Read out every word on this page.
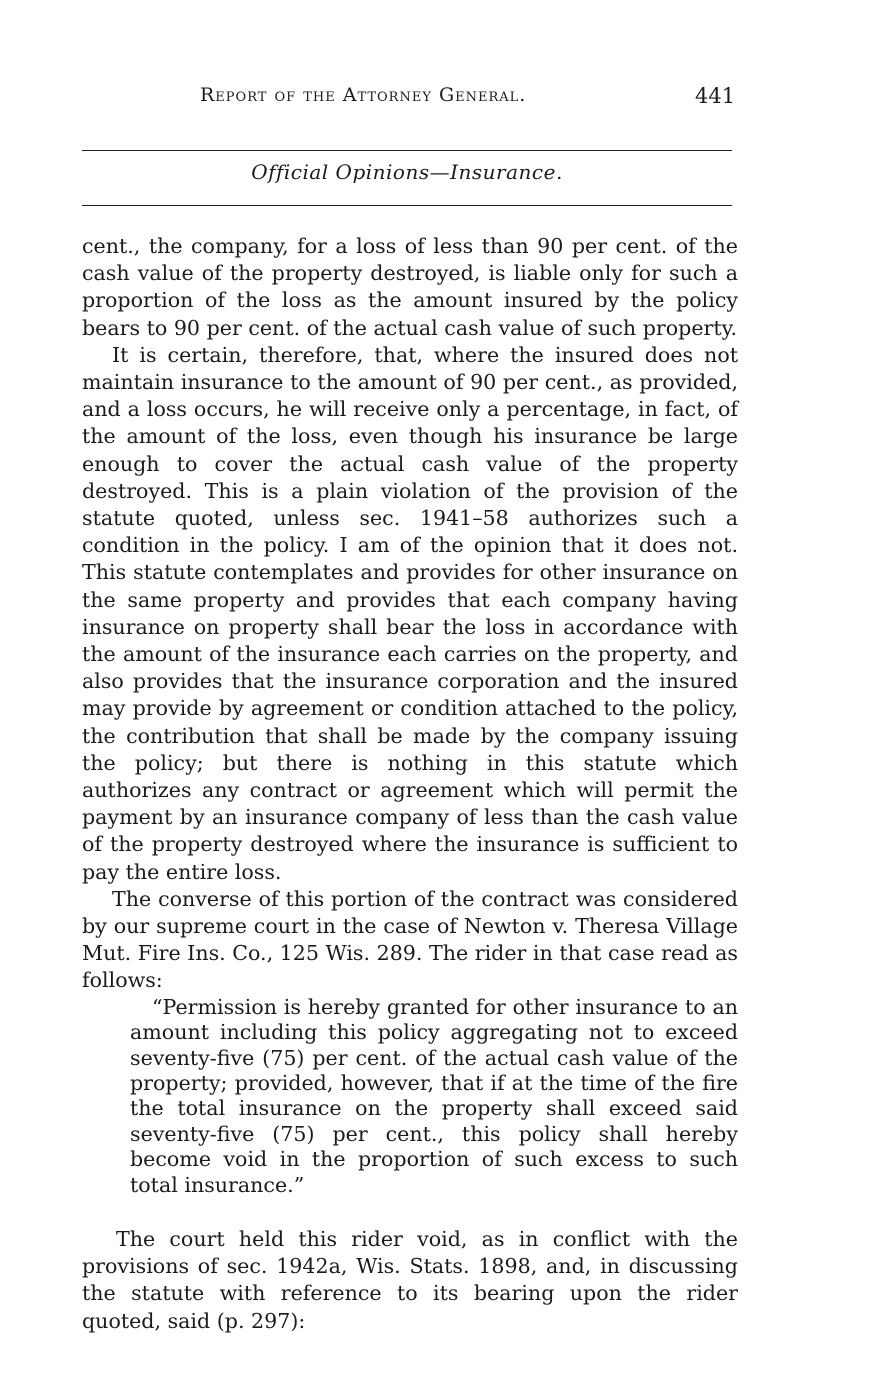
Report of the Attorney General.	441
Official Opinions—Insurance.

cent., the company, for a loss of less than 90 per cent. of the cash value of the property destroyed, is liable only for such a proportion of the loss as the amount insured by the policy bears to 90 per cent. of the actual cash value of such property.

It is certain, therefore, that, where the insured does not maintain insurance to the amount of 90 per cent., as provided, and a loss occurs, he will receive only a percentage, in fact, of the amount of the loss, even though his insurance be large enough to cover the actual cash value of the property destroyed. This is a plain violation of the provision of the statute quoted, unless sec. 1941–58 authorizes such a condition in the policy. I am of the opinion that it does not. This statute contemplates and provides for other insurance on the same property and provides that each company having insurance on property shall bear the loss in accordance with the amount of the insurance each carries on the property, and also provides that the insurance corporation and the insured may provide by agreement or condition attached to the policy, the contribution that shall be made by the company issuing the policy; but there is nothing in this statute which authorizes any contract or agreement which will permit the payment by an insurance company of less than the cash value of the property destroyed where the insurance is sufficient to pay the entire loss.

The converse of this portion of the contract was considered by our supreme court in the case of Newton v. Theresa Village Mut. Fire Ins. Co., 125 Wis. 289. The rider in that case read as follows:

“Permission is hereby granted for other insurance to an amount including this policy aggregating not to exceed seventy-five (75) per cent. of the actual cash value of the property; provided, however, that if at the time of the fire the total insurance on the property shall exceed said seventy-five (75) per cent., this policy shall hereby become void in the proportion of such excess to such total insurance.”

The court held this rider void, as in conflict with the provisions of sec. 1942a, Wis. Stats. 1898, and, in discussing the statute with reference to its bearing upon the rider quoted, said (p. 297):
